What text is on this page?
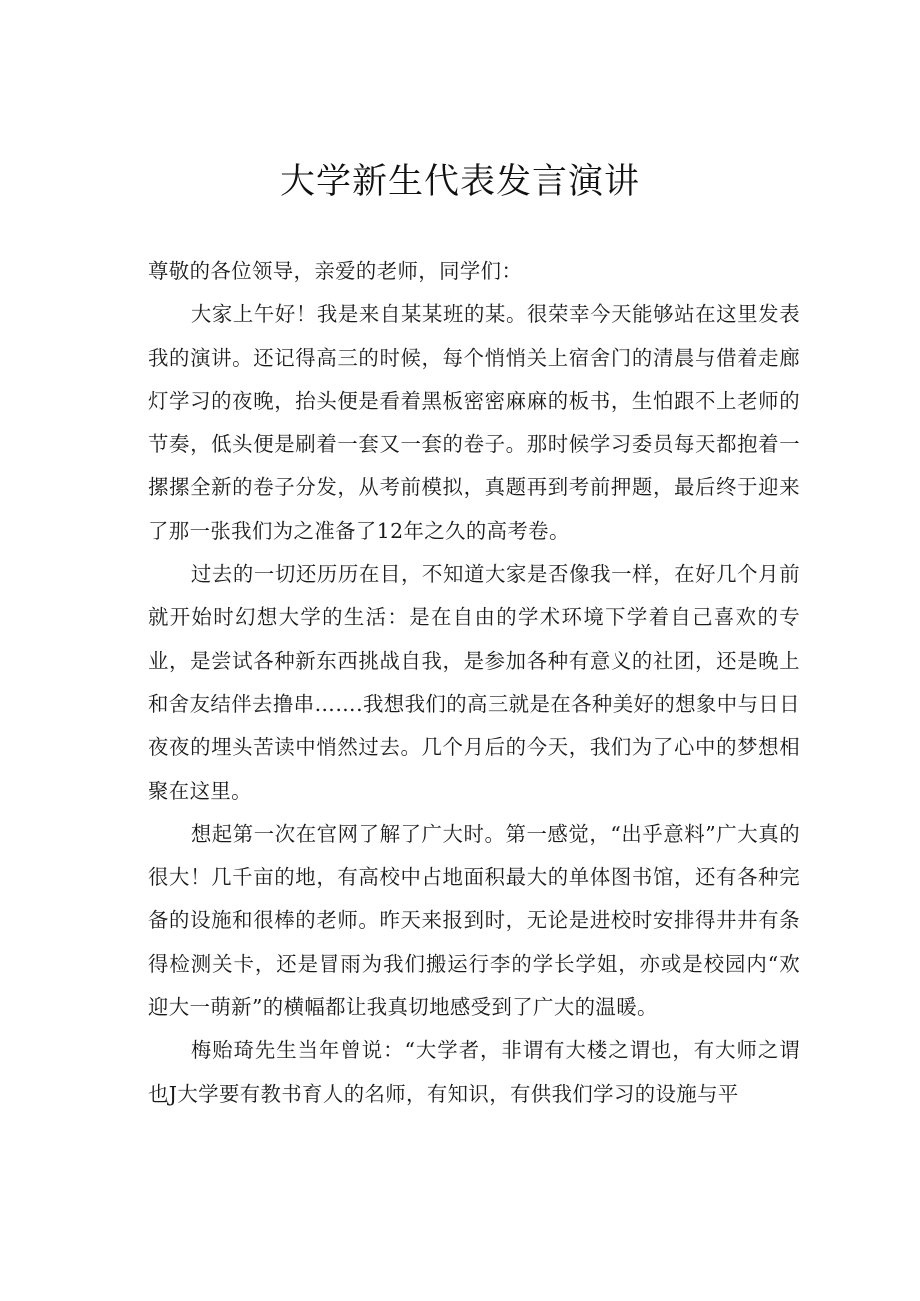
大学新生代表发言演讲

尊敬的各位领导，亲爱的老师，同学们：

大家上午好！我是来自某某班的某。很荣幸今天能够站在这里发表我的演讲。还记得高三的时候，每个悄悄关上宿舍门的清晨与借着走廊灯学习的夜晚，抬头便是看着黑板密密麻麻的板书，生怕跟不上老师的节奏，低头便是刷着一套又一套的卷子。那时候学习委员每天都抱着一摞摞全新的卷子分发，从考前模拟，真题再到考前押题，最后终于迎来了那一张我们为之准备了12年之久的高考卷。

过去的一切还历历在目，不知道大家是否像我一样，在好几个月前就开始时幻想大学的生活：是在自由的学术环境下学着自己喜欢的专业，是尝试各种新东西挑战自我，是参加各种有意义的社团，还是晚上和舍友结伴去撸串…….我想我们的高三就是在各种美好的想象中与日日夜夜的埋头苦读中悄然过去。几个月后的今天，我们为了心中的梦想相聚在这里。

想起第一次在官网了解了广大时。第一感觉，“出乎意料”广大真的很大！几千亩的地，有高校中占地面积最大的单体图书馆，还有各种完备的设施和很棒的老师。昨天来报到时，无论是进校时安排得井井有条得检测关卡，还是冒雨为我们搬运行李的学长学姐，亦或是校园内“欢迎大一萌新”的横幅都让我真切地感受到了广大的温暖。

梅贻琦先生当年曾说：“大学者，非谓有大楼之谓也，有大师之谓也J大学要有教书育人的名师，有知识，有供我们学习的设施与平
